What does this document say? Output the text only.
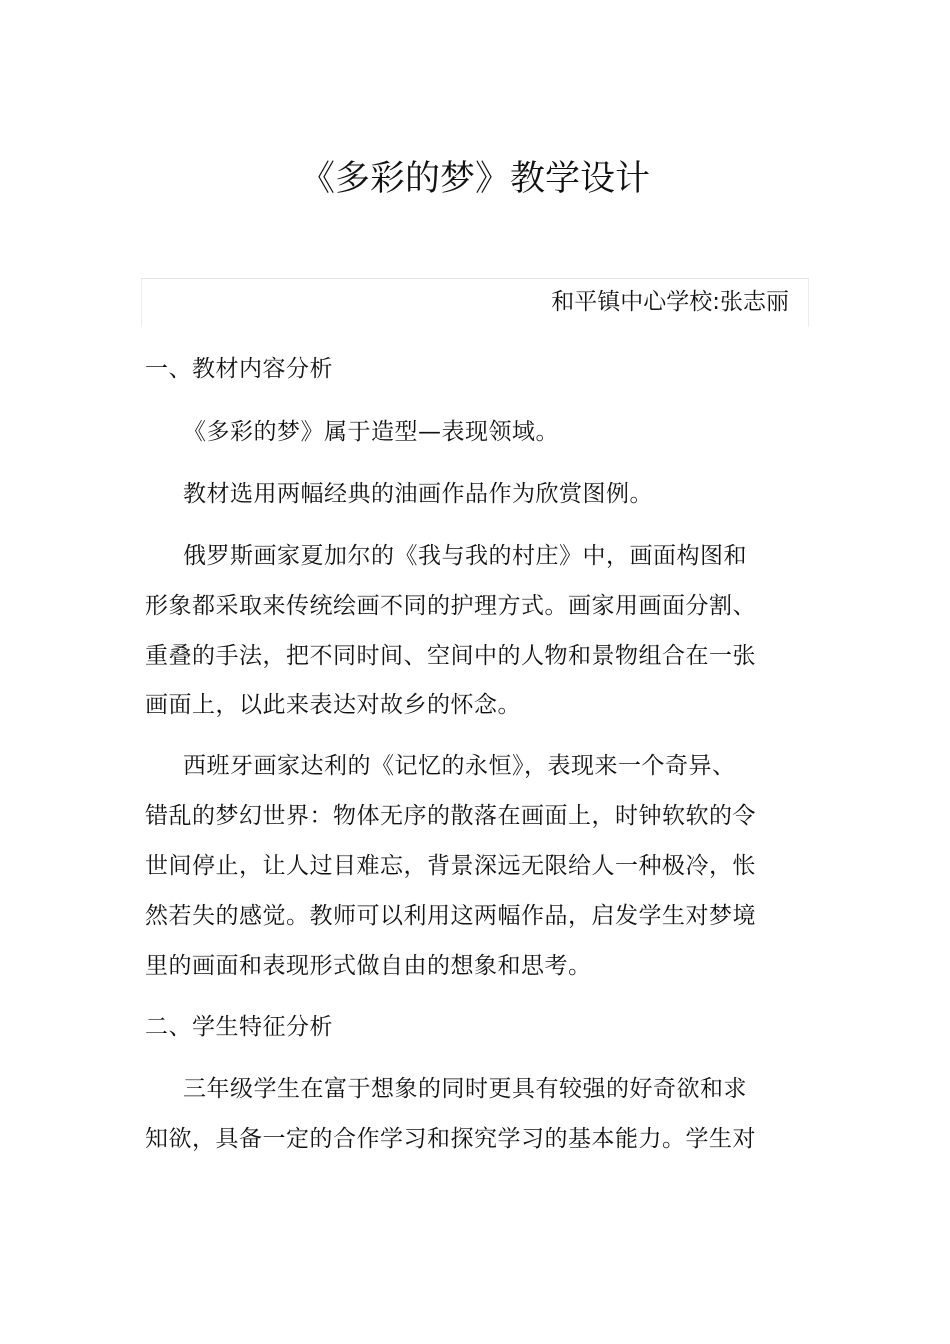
《多彩的梦》教学设计
和平镇中心学校:张志丽
一、教材内容分析
《多彩的梦》属于造型—表现领域。
教材选用两幅经典的油画作品作为欣赏图例。
俄罗斯画家夏加尔的《我与我的村庄》中，画面构图和
形象都采取来传统绘画不同的护理方式。画家用画面分割、
重叠的手法，把不同时间、空间中的人物和景物组合在一张
画面上，以此来表达对故乡的怀念。
西班牙画家达利的《记忆的永恒》，表现来一个奇异、
错乱的梦幻世界：物体无序的散落在画面上，时钟软软的令
世间停止，让人过目难忘，背景深远无限给人一种极冷，怅
然若失的感觉。教师可以利用这两幅作品，启发学生对梦境
里的画面和表现形式做自由的想象和思考。
二、学生特征分析
三年级学生在富于想象的同时更具有较强的好奇欲和求
知欲，具备一定的合作学习和探究学习的基本能力。学生对
